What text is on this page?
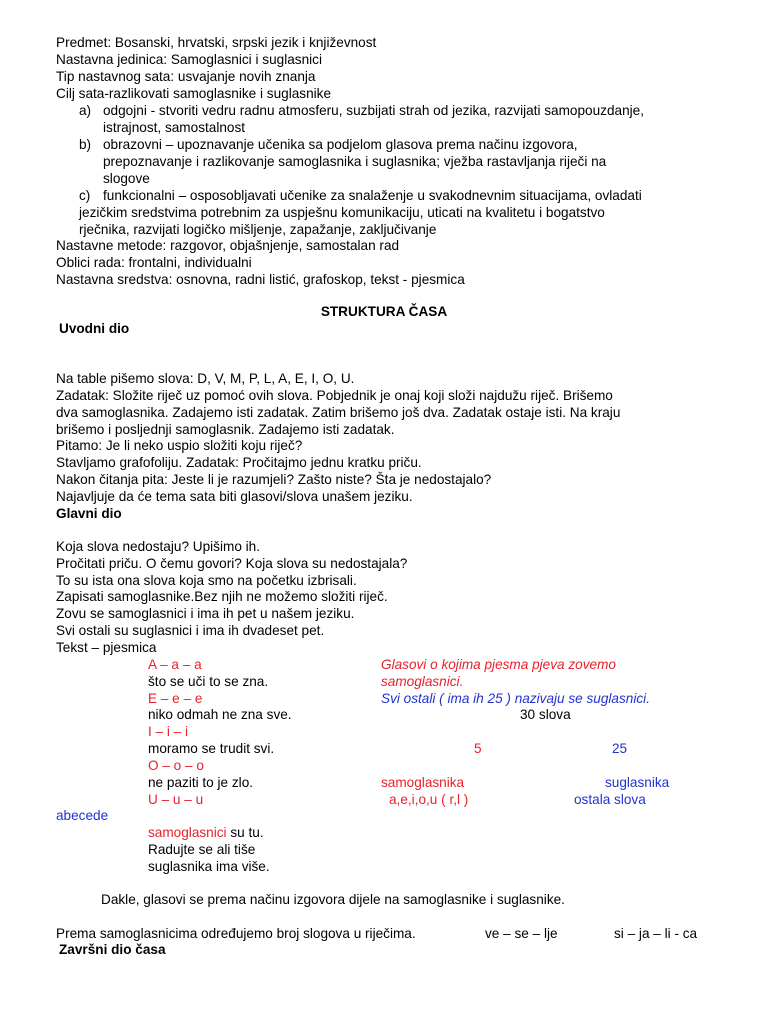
Predmet: Bosanski, hrvatski, srpski jezik i književnost
Nastavna jedinica: Samoglasnici i suglasnici
Tip nastavnog sata: usvajanje novih znanja
Cilj sata-razlikovati samoglasnike i suglasnike
a) odgojni - stvoriti vedru radnu atmosferu, suzbijati strah od jezika, razvijati samopouzdanje,
istrajnost, samostalnost
b) obrazovni – upoznavanje učenika sa podjelom glasova prema načinu izgovora,
prepoznavanje i razlikovanje samoglasnika i suglasnika; vježba rastavljanja riječi na
slogove
c) funkcionalni – osposobljavati učenike za snalaženje u svakodnevnim situacijama, ovladati
jezičkim sredstvima potrebnim za uspješnu komunikaciju, uticati na kvalitetu i bogatstvo
rječnika, razvijati logičko mišljenje, zapažanje, zaključivanje
Nastavne metode: razgovor, objašnjenje, samostalan rad
Oblici rada: frontalni, individualni
Nastavna sredstva: osnovna, radni listić, grafoskop, tekst - pjesmica
STRUKTURA ČASA
Uvodni dio
Na table pišemo slova: D, V, M, P, L, A, E, I, O, U.
Zadatak: Složite riječ uz pomoć ovih slova. Pobjednik je onaj koji složi najdužu riječ. Brišemo
dva samoglasnika. Zadajemo isti zadatak. Zatim brišemo još dva. Zadatak ostaje isti. Na kraju
brišemo i posljednji samoglasnik. Zadajemo isti zadatak.
Pitamo: Je li neko uspio složiti koju riječ?
Stavljamo grafofoliju. Zadatak: Pročitajmo jednu kratku priču.
Nakon čitanja pita: Jeste li je razumjeli? Zašto niste? Šta je nedostajalo?
Najavljuje da će tema sata biti glasovi/slova unašem jeziku.
Glavni dio
Koja slova nedostaju? Upišimo ih.
Pročitati priču. O čemu govori? Koja slova su nedostajala?
To su ista ona slova koja smo na početku izbrisali.
Zapisati samoglasnike.Bez njih ne možemo složiti riječ.
Zovu se samoglasnici i ima ih pet u našem jeziku.
Svi ostali su suglasnici i ima ih dvadeset pet.
Tekst – pjesmica
A – a – a
što se uči to se zna.
E – e – e
niko odmah ne zna sve.
I – i – i
moramo se trudit svi.
O – o – o
ne paziti to je zlo.
U – u – u
samoglasnici su tu.
Radujte se ali tiše
suglasnika ima više.
Glasovi o kojima pjesma pjeva zovemo
samoglasnici.
Svi ostali ( ima ih 25 ) nazivaju se suglasnici.
30 slova
5	25
samoglasnika	suglasnika
a,e,i,o,u ( r,l )	ostala slova
abecede
Dakle, glasovi se prema načinu izgovora dijele na samoglasnike i suglasnike.
Prema samoglasnicima određujemo broj slogova u riječima.	ve – se – lje	si – ja – li - ca
Završni dio časa
